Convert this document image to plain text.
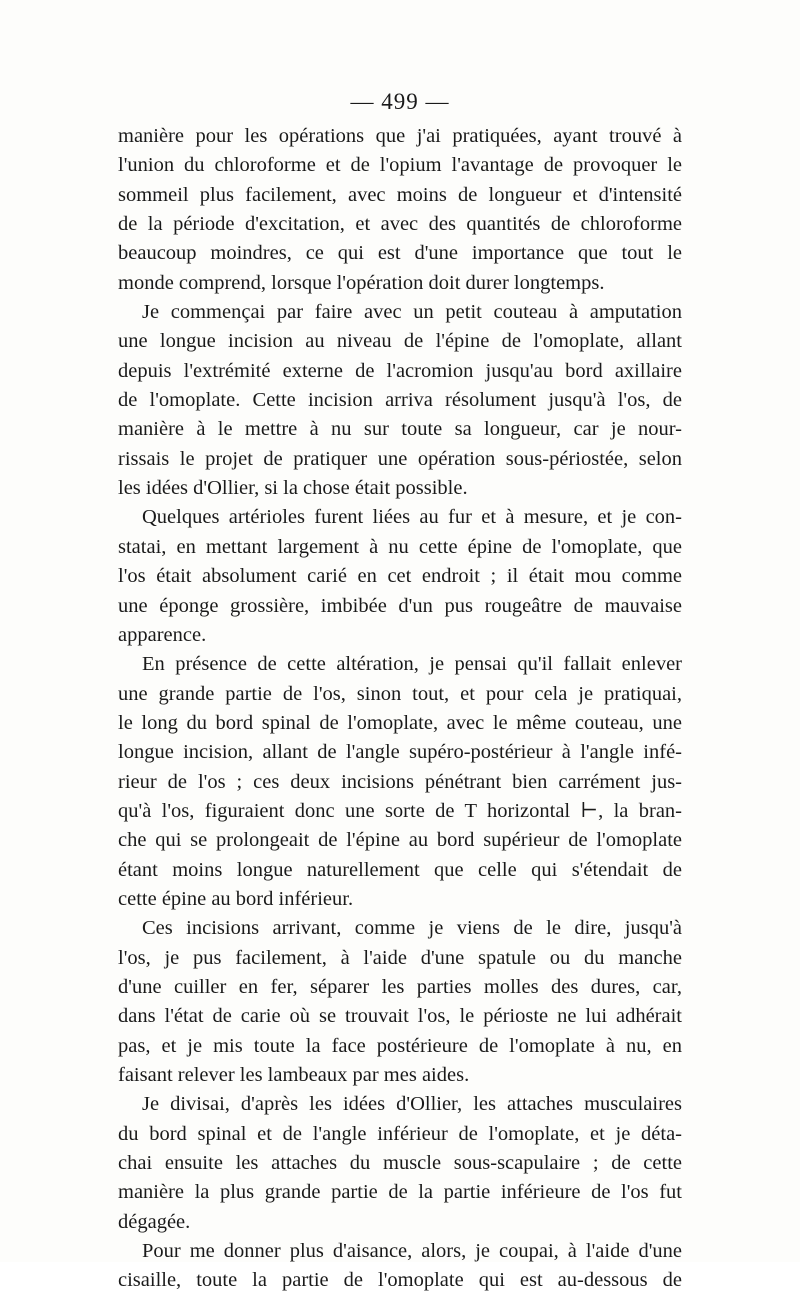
— 499 —
manière pour les opérations que j'ai pratiquées, ayant trouvé à
l'union du chloroforme et de l'opium l'avantage de provoquer le
sommeil plus facilement, avec moins de longueur et d'intensité
de la période d'excitation, et avec des quantités de chloroforme
beaucoup moindres, ce qui est d'une importance que tout le
monde comprend, lorsque l'opération doit durer longtemps.
Je commençai par faire avec un petit couteau à amputation
une longue incision au niveau de l'épine de l'omoplate, allant
depuis l'extrémité externe de l'acromion jusqu'au bord axillaire
de l'omoplate. Cette incision arriva résolument jusqu'à l'os, de
manière à le mettre à nu sur toute sa longueur, car je nour-
rissais le projet de pratiquer une opération sous-périostée, selon
les idées d'Ollier, si la chose était possible.
Quelques artérioles furent liées au fur et à mesure, et je con-
statai, en mettant largement à nu cette épine de l'omoplate, que
l'os était absolument carié en cet endroit ; il était mou comme
une éponge grossière, imbibée d'un pus rougeâtre de mauvaise
apparence.
En présence de cette altération, je pensai qu'il fallait enlever
une grande partie de l'os, sinon tout, et pour cela je pratiquai,
le long du bord spinal de l'omoplate, avec le même couteau, une
longue incision, allant de l'angle supéro-postérieur à l'angle infé-
rieur de l'os ; ces deux incisions pénétrant bien carrément jus-
qu'à l'os, figuraient donc une sorte de T horizontal ⊢, la bran-
che qui se prolongeait de l'épine au bord supérieur de l'omoplate
étant moins longue naturellement que celle qui s'étendait de
cette épine au bord inférieur.
Ces incisions arrivant, comme je viens de le dire, jusqu'à
l'os, je pus facilement, à l'aide d'une spatule ou du manche
d'une cuiller en fer, séparer les parties molles des dures, car,
dans l'état de carie où se trouvait l'os, le périoste ne lui adhérait
pas, et je mis toute la face postérieure de l'omoplate à nu, en
faisant relever les lambeaux par mes aides.
Je divisai, d'après les idées d'Ollier, les attaches musculaires
du bord spinal et de l'angle inférieur de l'omoplate, et je déta-
chai ensuite les attaches du muscle sous-scapulaire ; de cette
manière la plus grande partie de la partie inférieure de l'os fut
dégagée.
Pour me donner plus d'aisance, alors, je coupai, à l'aide d'une
cisaille, toute la partie de l'omoplate qui est au-dessous de
